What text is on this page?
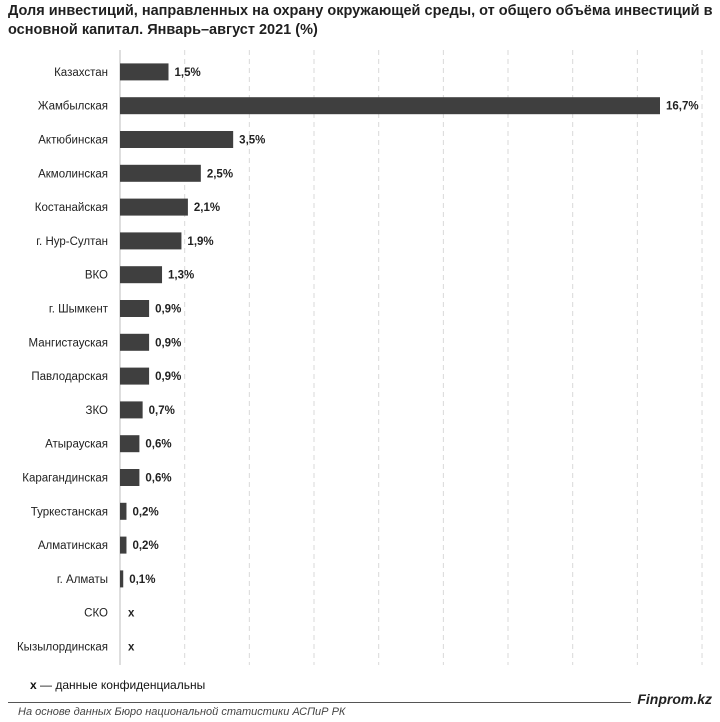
Доля инвестиций, направленных на охрану окружающей среды, от общего объёма инвестиций в основной капитал. Январь–август 2021 (%)
Казахстан
Жамбылская
Актюбинская
Акмолинская
Костанайская
г. Нур-Султан
ВКО
г. Шымкент
Мангистауская
Павлодарская
ЗКО
Атырауская
Карагандинская
Туркестанская
Алматинская
г. Алматы
СКО
Кызылординская
1,5%
16,7%
3,5%
2,5%
2,1%
1,9%
1,3%
0,9%
0,9%
0,9%
0,7%
0,6%
0,6%
0,2%
0,2%
0,1%
x
x
x — данные конфиденциальны
На основе данных Бюро национальной статистики АСПиР РК
Finprom.kz
